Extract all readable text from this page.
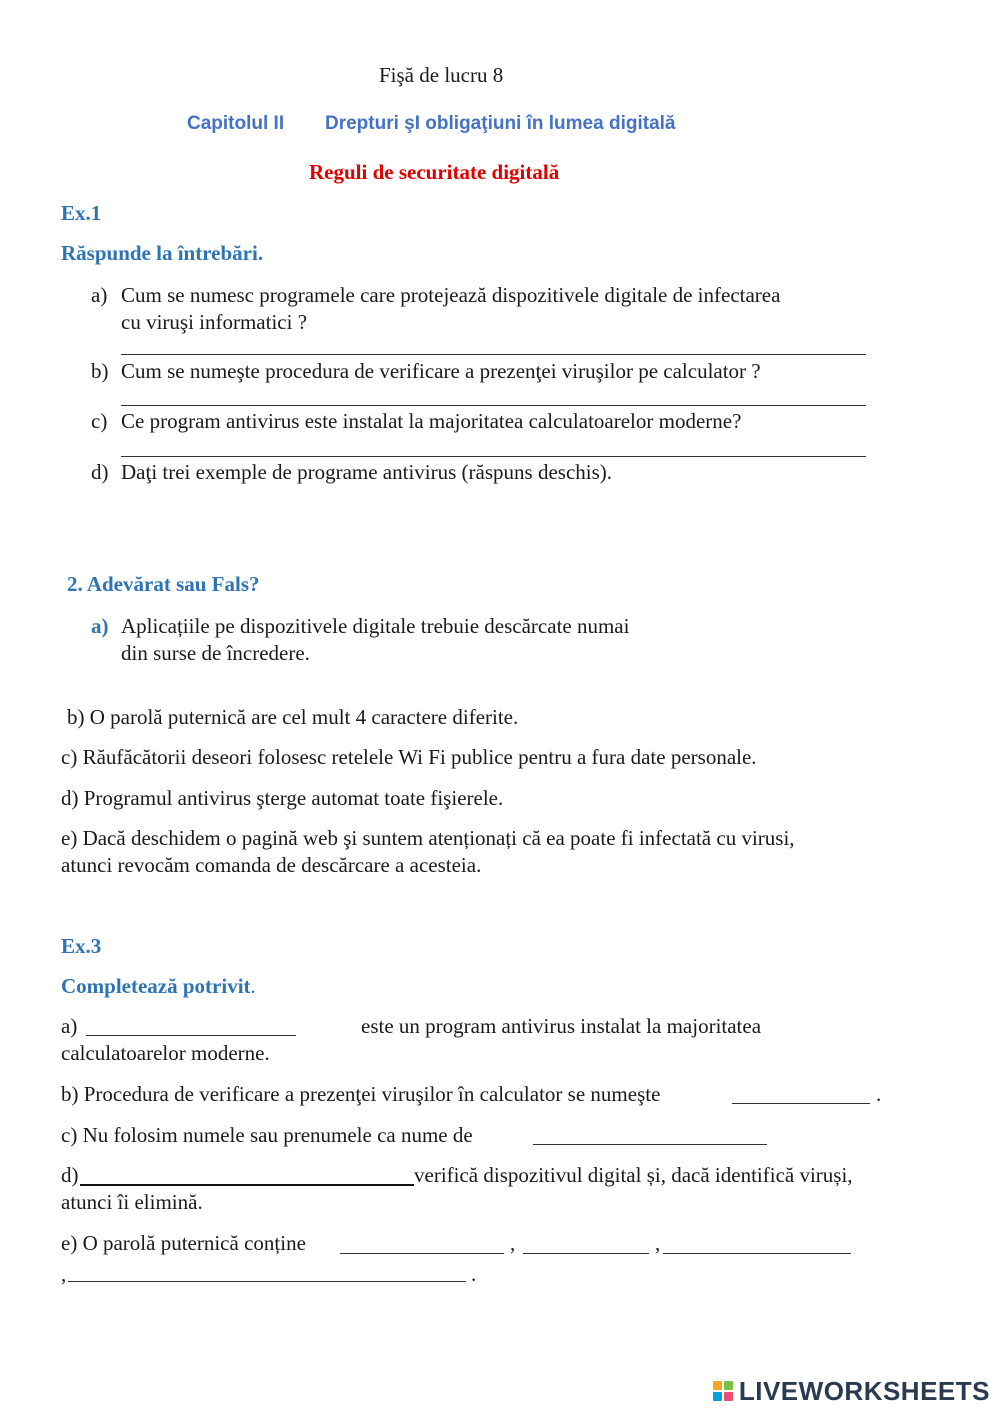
Fişă de lucru 8
Capitolul II Drepturi şI obligaţiuni în lumea digitală
Reguli de securitate digitală
Ex.1
Răspunde la întrebări.
a) Cum se numesc programele care protejează dispozitivele digitale de infectarea
cu viruşi informatici ?
b) Cum se numeşte procedura de verificare a prezenţei viruşilor pe calculator ?
c) Ce program antivirus este instalat la majoritatea calculatoarelor moderne?
d) Daţi trei exemple de programe antivirus (răspuns deschis).
2. Adevărat sau Fals?
a) Aplicațiile pe dispozitivele digitale trebuie descărcate numai
din surse de încredere.
b) O parolă puternică are cel mult 4 caractere diferite.
c) Răufăcătorii deseori folosesc retelele Wi Fi publice pentru a fura date personale.
d) Programul antivirus şterge automat toate fişierele.
e) Dacă deschidem o pagină web şi suntem atenționați că ea poate fi infectată cu virusi,
atunci revocăm comanda de descărcare a acesteia.
Ex.3
Completează potrivit.
a)	este un program antivirus instalat la majoritatea
calculatoarelor moderne.
b) Procedura de verificare a prezenţei viruşilor în calculator se numeşte	.
c) Nu folosim numele sau prenumele ca nume de
d)	verifică dispozitivul digital și, dacă identifică viruși,
atunci îi elimină.
e) O parolă puternică conține	,	,
,	.
LIVEWORKSHEETS
